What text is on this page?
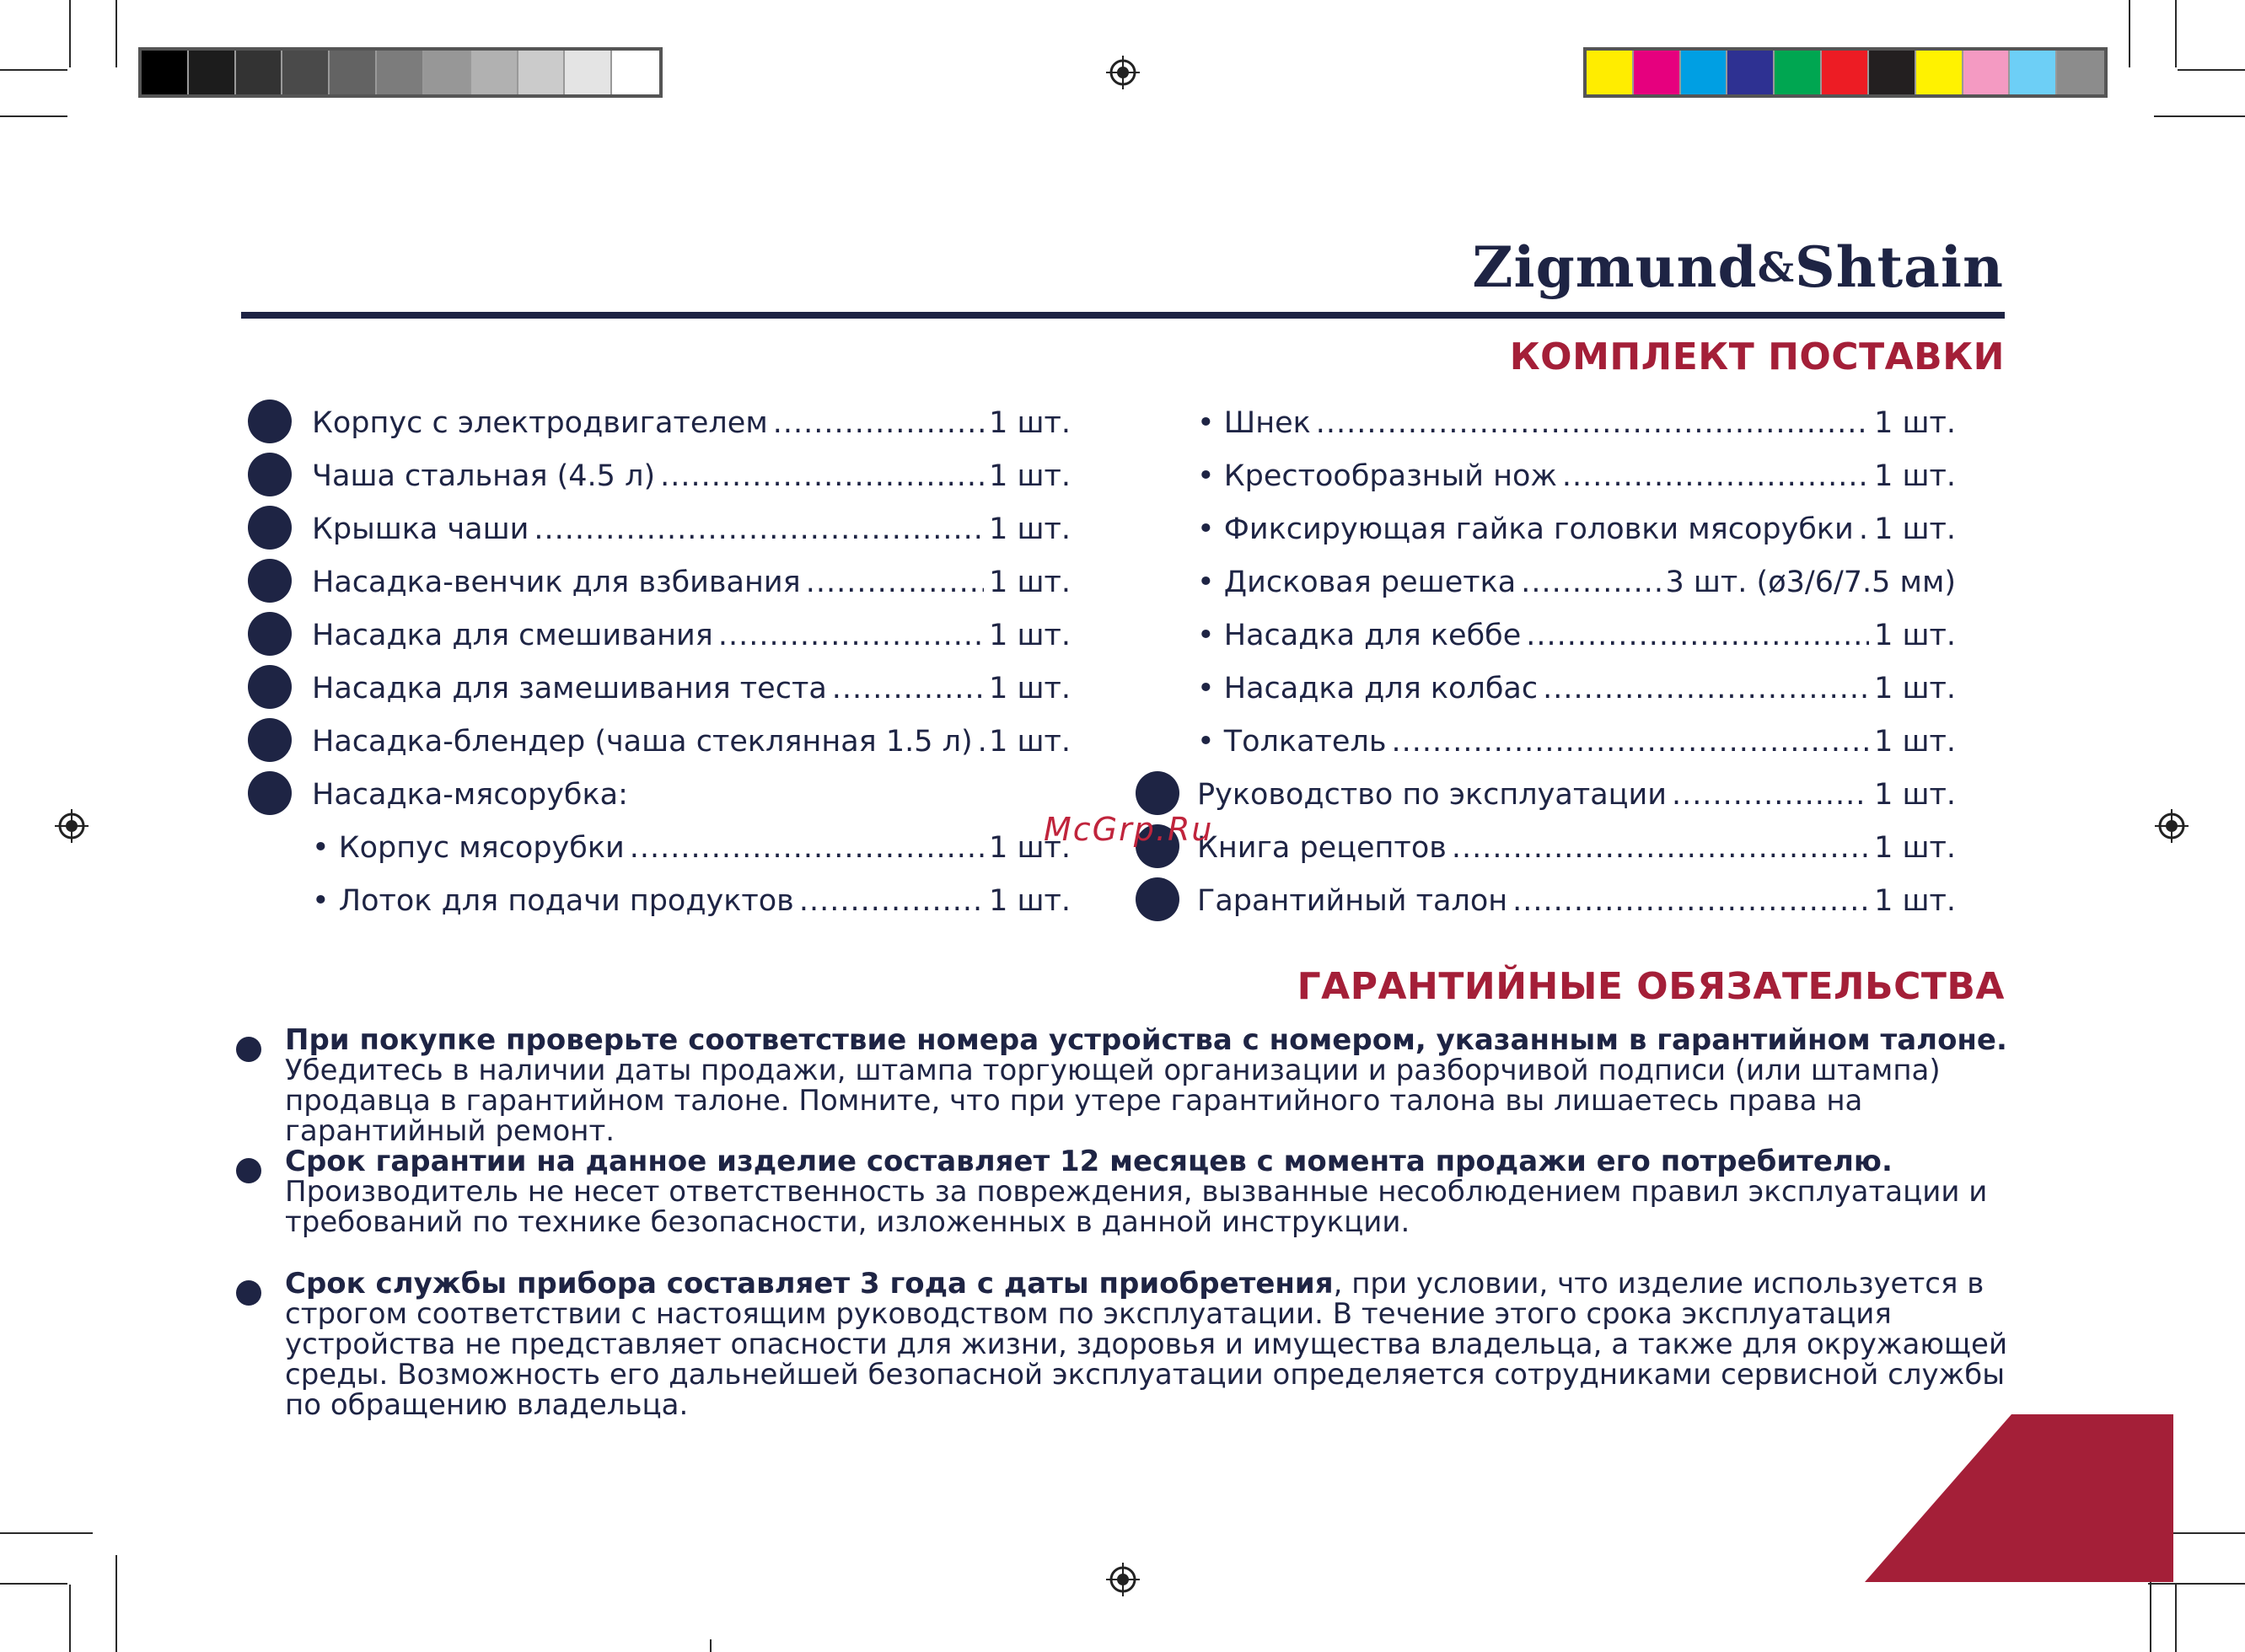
Zigmund&Shtain
КОМПЛЕКТ ПОСТАВКИ
Корпус с электродвигателем .....	1 шт.
Чаша стальная (4.5 л) .....	1 шт.
Крышка чаши .....	1 шт.
Насадка-венчик для взбивания .....	1 шт.
Насадка для смешивания .....	1 шт.
Насадка для замешивания теста .....	1 шт.
Насадка-блендер (чаша стеклянная 1.5 л) ..... 1 шт.
Насадка-мясорубка:
• Корпус мясорубки .....	1 шт.
• Лоток для подачи продуктов .....	1 шт.
• Шнек .....	1 шт.
• Крестообразный нож .....	1 шт.
• Фиксирующая гайка головки мясорубки ..... 1 шт.
• Дисковая решетка .....	3 шт. (ø3/6/7.5 мм)
• Насадка для кеббе .....	1 шт.
• Насадка для колбас .....	1 шт.
• Толкатель .....	1 шт.
Руководство по эксплуатации .....	1 шт.
Книга рецептов .....	1 шт.
Гарантийный талон .....	1 шт.
McGrp.Ru
ГАРАНТИЙНЫЕ ОБЯЗАТЕЛЬСТВА
При покупке проверьте соответствие номера устройства с номером, указанным в гарантийном талоне. Убедитесь в наличии даты продажи, штампа торгующей организации и разборчивой подписи (или штампа) продавца в гарантийном талоне. Помните, что при утере гарантийного талона вы лишаетесь права на гарантийный ремонт.
Срок гарантии на данное изделие составляет 12 месяцев с момента продажи его потребителю. Производитель не несет ответственность за повреждения, вызванные несоблюдением правил эксплуатации и требований по технике безопасности, изложенных в данной инструкции.
Срок службы прибора составляет 3 года с даты приобретения, при условии, что изделие используется в строгом соответствии с настоящим руководством по эксплуатации. В течение этого срока эксплуатация устройства не представляет опасности для жизни, здоровья и имущества владельца, а также для окружающей среды. Возможность его дальнейшей безопасной эксплуатации определяется сотрудниками сервисной службы по обращению владельца.
